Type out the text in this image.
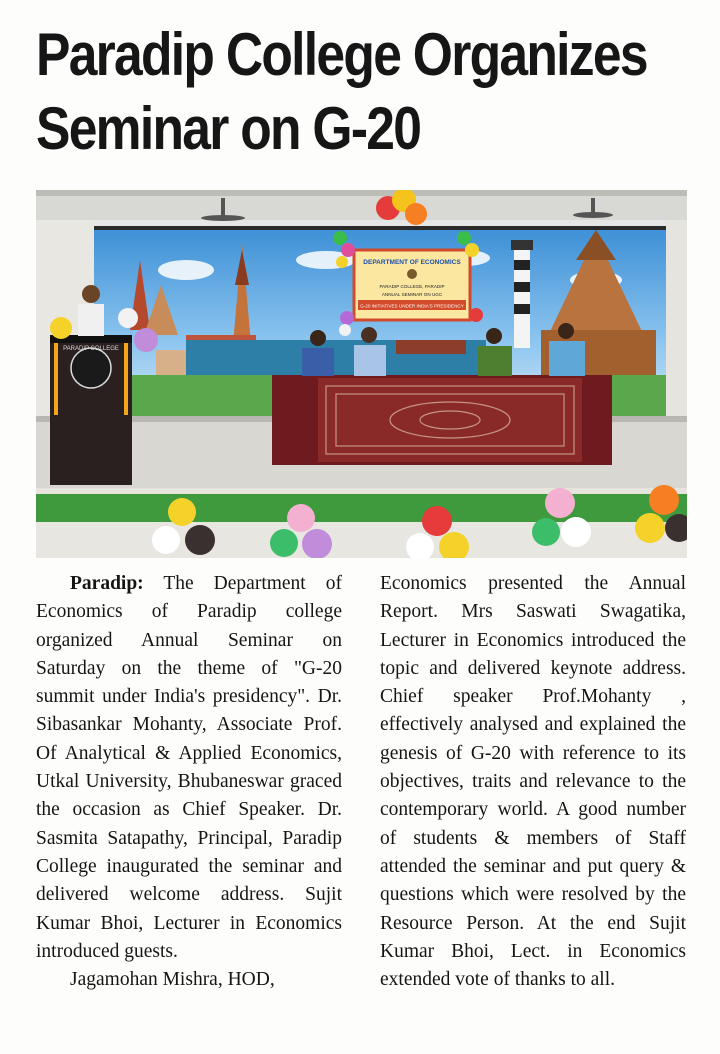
Paradip College Organizes
Seminar on G-20
DEPARTMENT OF ECONOMICS
PARADIP COLLEGE, PARADIP
ANNUAL SEMINAR ON UGC
G-20 INITIATIVES UNDER INDIA'S PRESIDENCY
PARADIP COLLEGE

Paradip: The Department of Economics of Paradip college organized Annual Seminar on Saturday on the theme of "G-20 summit under India's presidency". Dr. Sibasankar Mohanty, Associate Prof. Of Analytical & Applied Economics, Utkal University, Bhubaneswar graced the occasion as Chief Speaker. Dr. Sasmita Satapathy, Principal, Paradip College inaugurated the seminar and delivered welcome address. Sujit Kumar Bhoi, Lecturer in Economics introduced guests.

Jagamohan Mishra, HOD,

Economics presented the Annual Report. Mrs Saswati Swagatika, Lecturer in Economics introduced the topic and delivered keynote address. Chief speaker Prof.Mohanty , effectively analysed and explained the genesis of G-20 with reference to its objectives, traits and relevance to the contemporary world. A good number of students & members of Staff attended the seminar and put query & questions which were resolved by the Resource Person. At the end Sujit Kumar Bhoi, Lect. in Economics extended vote of thanks to all.
